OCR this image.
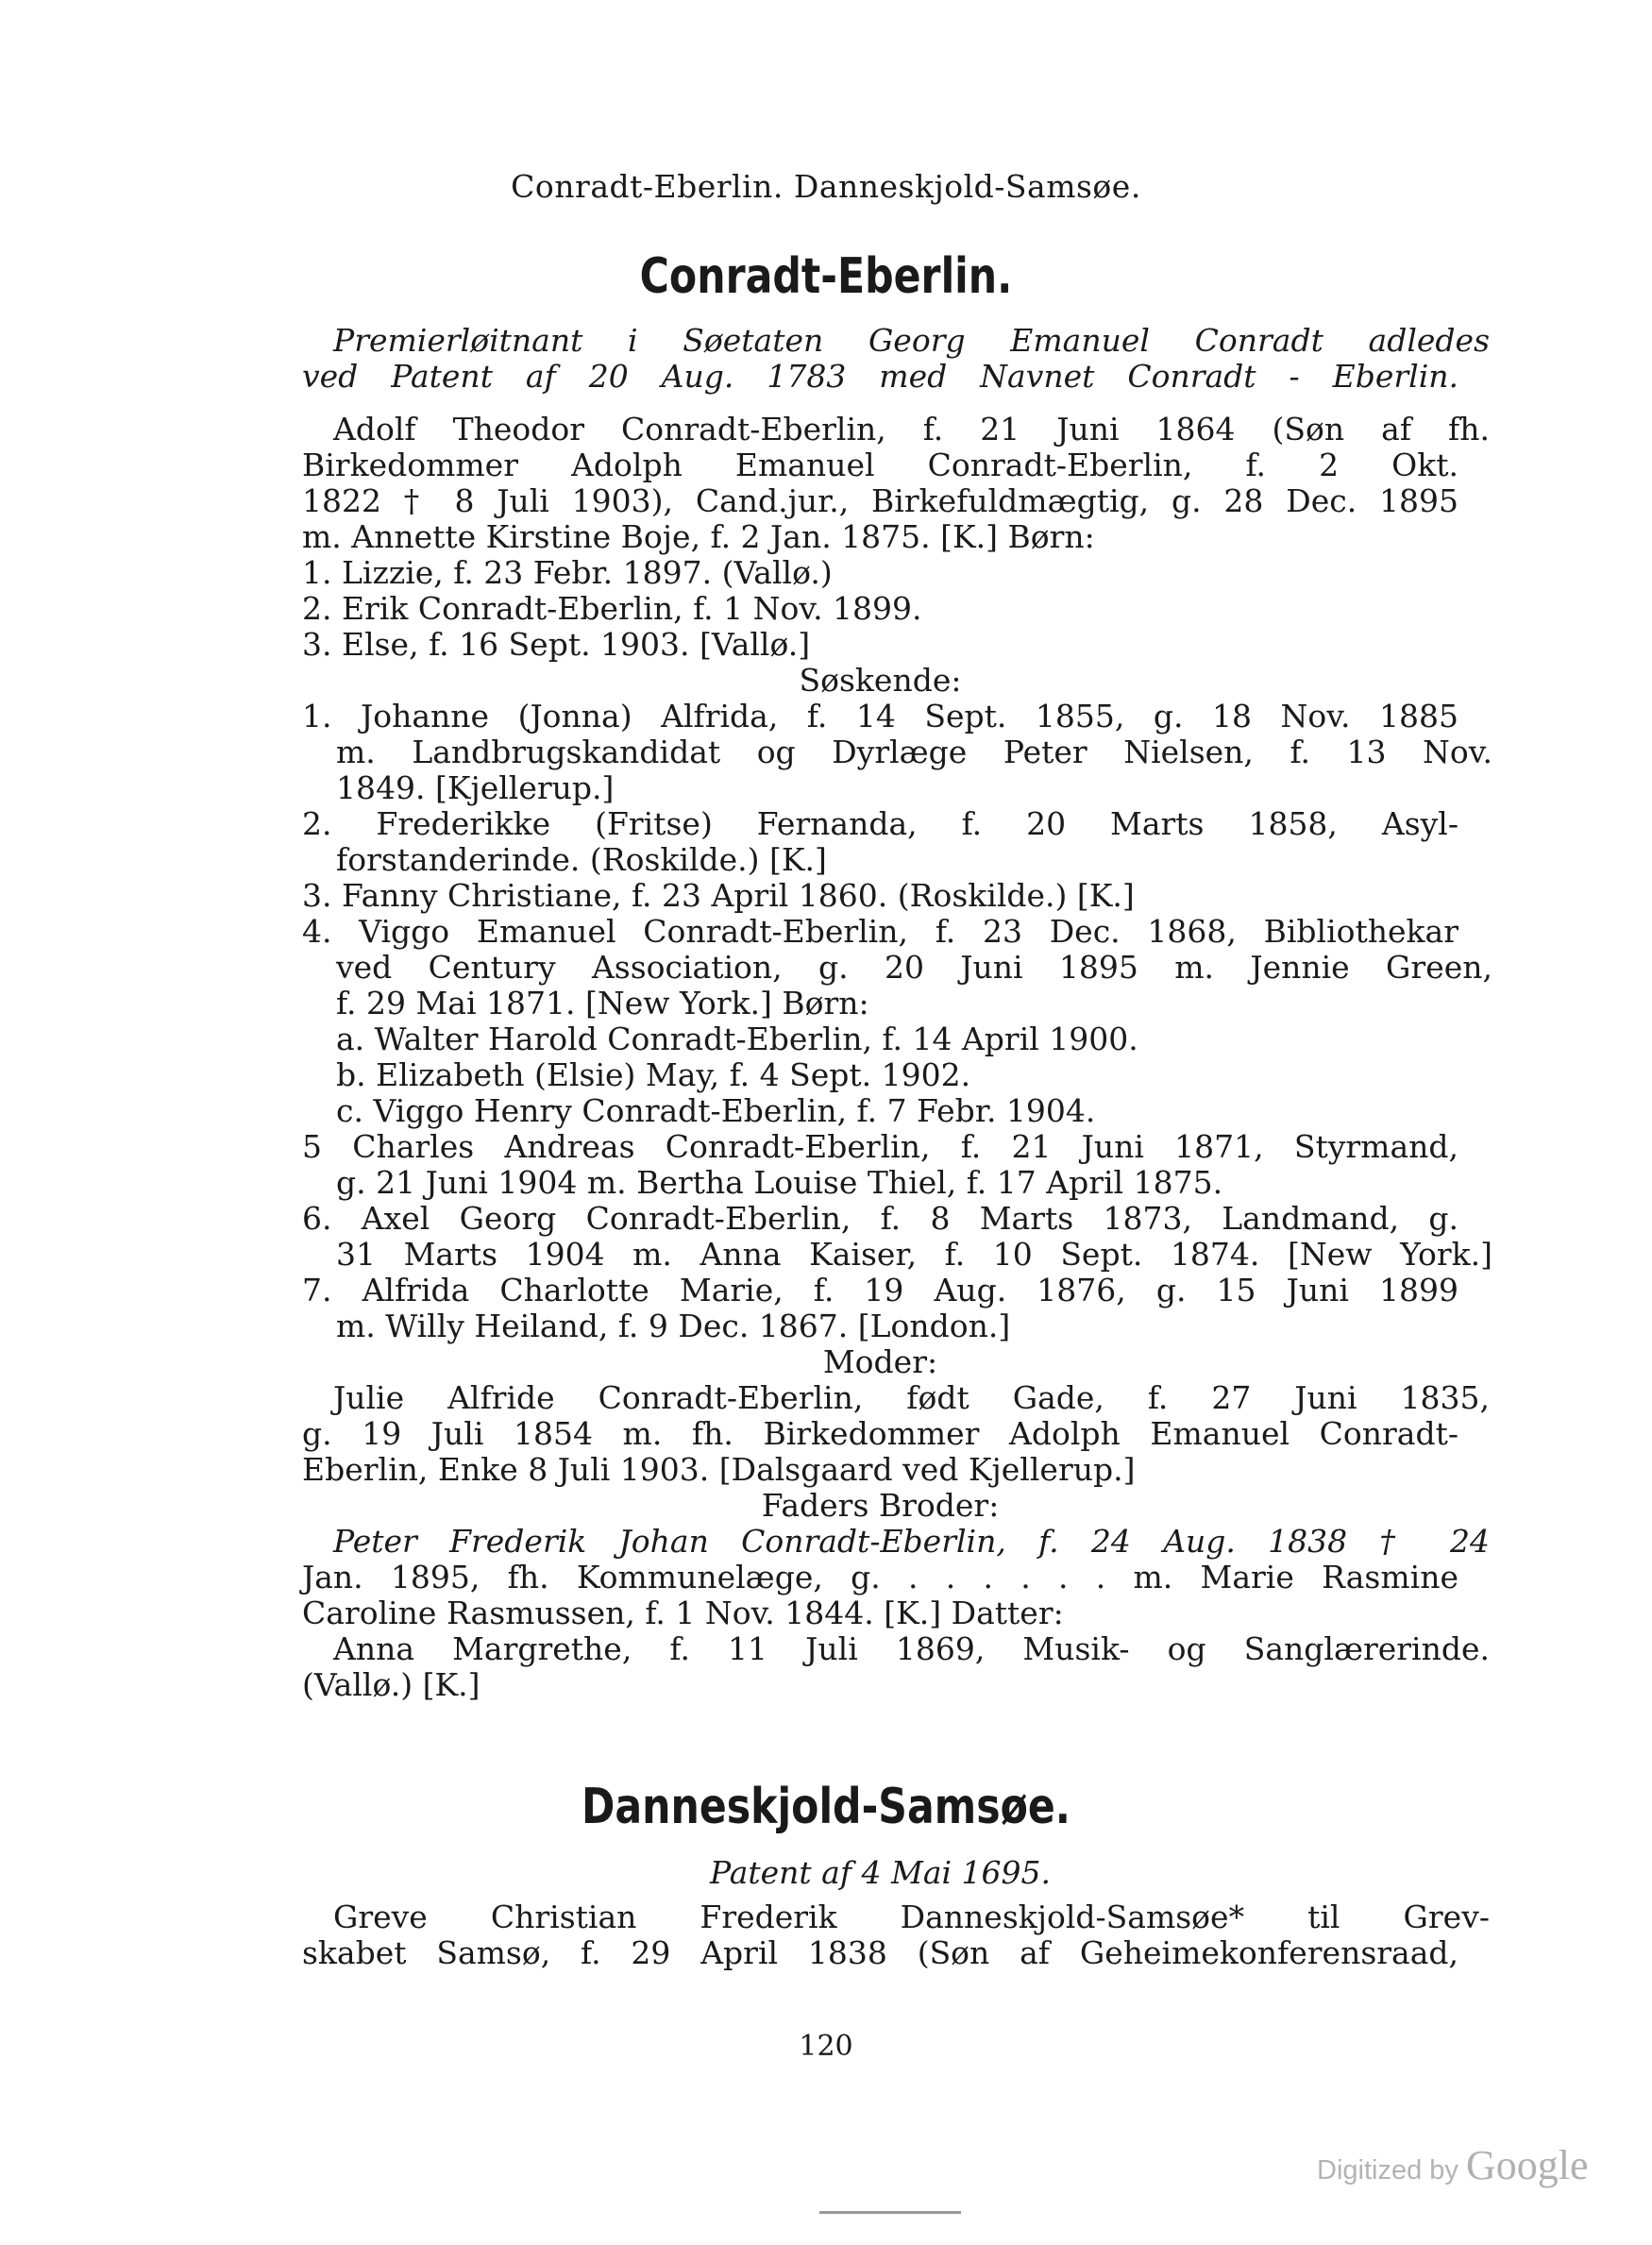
Conradt-Eberlin. Danneskjold-Samsøe.
Conradt-Eberlin.
Premierløitnant i Søetaten Georg Emanuel Conradt adledes
ved Patent af 20 Aug. 1783 med Navnet Conradt - Eberlin.
Adolf Theodor Conradt-Eberlin, f. 21 Juni 1864 (Søn af fh.
Birkedommer Adolph Emanuel Conradt-Eberlin, f. 2 Okt.
1822 † 8 Juli 1903), Cand.jur., Birkefuldmægtig, g. 28 Dec. 1895
m. Annette Kirstine Boje, f. 2 Jan. 1875. [K.] Børn:
1. Lizzie, f. 23 Febr. 1897. (Vallø.)
2. Erik Conradt-Eberlin, f. 1 Nov. 1899.
3. Else, f. 16 Sept. 1903. [Vallø.]
Søskende:
1. Johanne (Jonna) Alfrida, f. 14 Sept. 1855, g. 18 Nov. 1885
m. Landbrugskandidat og Dyrlæge Peter Nielsen, f. 13 Nov.
1849. [Kjellerup.]
2. Frederikke (Fritse) Fernanda, f. 20 Marts 1858, Asyl-
forstanderinde. (Roskilde.) [K.]
3. Fanny Christiane, f. 23 April 1860. (Roskilde.) [K.]
4. Viggo Emanuel Conradt-Eberlin, f. 23 Dec. 1868, Bibliothekar
ved Century Association, g. 20 Juni 1895 m. Jennie Green,
f. 29 Mai 1871. [New York.] Børn:
a. Walter Harold Conradt-Eberlin, f. 14 April 1900.
b. Elizabeth (Elsie) May, f. 4 Sept. 1902.
c. Viggo Henry Conradt-Eberlin, f. 7 Febr. 1904.
5 Charles Andreas Conradt-Eberlin, f. 21 Juni 1871, Styrmand,
g. 21 Juni 1904 m. Bertha Louise Thiel, f. 17 April 1875.
6. Axel Georg Conradt-Eberlin, f. 8 Marts 1873, Landmand, g.
31 Marts 1904 m. Anna Kaiser, f. 10 Sept. 1874. [New York.]
7. Alfrida Charlotte Marie, f. 19 Aug. 1876, g. 15 Juni 1899
m. Willy Heiland, f. 9 Dec. 1867. [London.]
Moder:
Julie Alfride Conradt-Eberlin, født Gade, f. 27 Juni 1835,
g. 19 Juli 1854 m. fh. Birkedommer Adolph Emanuel Conradt-
Eberlin, Enke 8 Juli 1903. [Dalsgaard ved Kjellerup.]
Faders Broder:
Peter Frederik Johan Conradt-Eberlin, f. 24 Aug. 1838 † 24
Jan. 1895, fh. Kommunelæge, g. . . . . . . m. Marie Rasmine
Caroline Rasmussen, f. 1 Nov. 1844. [K.] Datter:
Anna Margrethe, f. 11 Juli 1869, Musik- og Sanglærerinde.
(Vallø.) [K.]
Danneskjold-Samsøe.
Patent af 4 Mai 1695.
Greve Christian Frederik Danneskjold-Samsøe* til Grev-
skabet Samsø, f. 29 April 1838 (Søn af Geheimekonferensraad,
120
Digitized by Google
